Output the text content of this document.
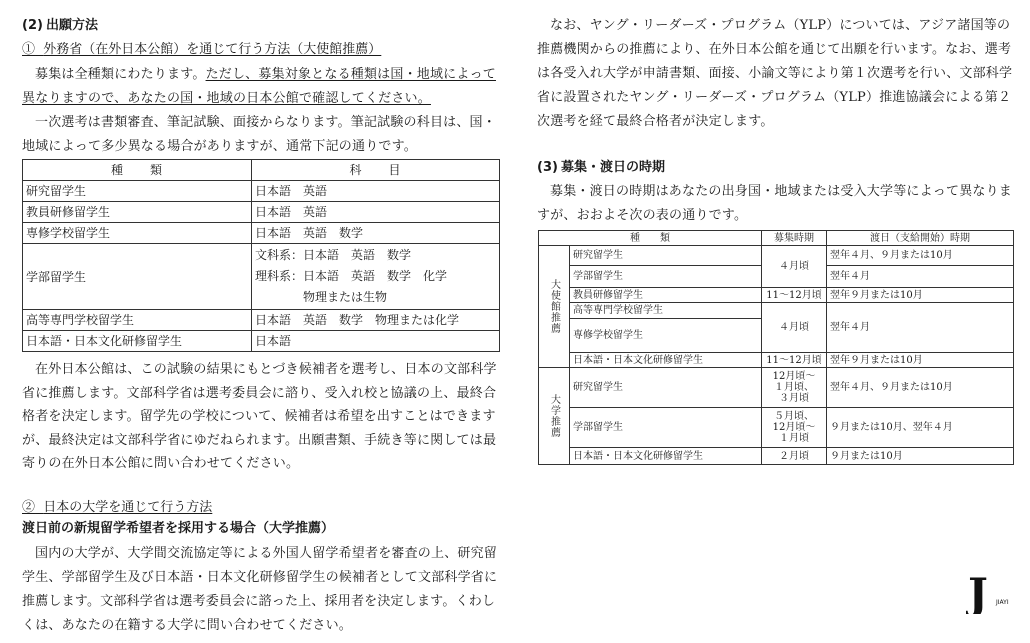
(2) 出願方法
① 外務省（在外日本公館）を通じて行う方法（大使館推薦）

募集は全種類にわたります。ただし、募集対象となる種類は国・地域によって異なりますので、あなたの国・地域の日本公館で確認してください。

一次選考は書類審査、筆記試験、面接からなります。筆記試験の科目は、国・地域によって多少異なる場合がありますが、通常下記の通りです。

種　　類	科　　目
研究留学生	日本語　英語
教員研修留学生	日本語　英語
専修学校留学生	日本語　英語　数学
学部留学生	文科系：日本語　英語　数学
理科系：日本語　英語　数学　化学
物理または生物

高等専門学校留学生	日本語　英語　数学　物理または化学
日本語・日本文化研修留学生	日本語

在外日本公館は、この試験の結果にもとづき候補者を選考し、日本の文部科学省に推薦します。文部科学省は選考委員会に諮り、受入れ校と協議の上、最終合格者を決定します。留学先の学校について、候補者は希望を出すことはできますが、最終決定は文部科学省にゆだねられます。出願書類、手続き等に関しては最寄りの在外日本公館に問い合わせてください。

② 日本の大学を通じて行う方法
渡日前の新規留学希望者を採用する場合（大学推薦）

国内の大学が、大学間交流協定等による外国人留学希望者を審査の上、研究留学生、学部留学生及び日本語・日本文化研修留学生の候補者として文部科学省に推薦します。文部科学省は選考委員会に諮った上、採用者を決定します。くわしくは、あなたの在籍する大学に問い合わせてください。

なお、ヤング・リーダーズ・プログラム（YLP）については、アジア諸国等の推薦機関からの推薦により、在外日本公館を通じて出願を行います。なお、選考は各受入れ大学が申請書類、面接、小論文等により第１次選考を行い、文部科学省に設置されたヤング・リーダーズ・プログラム（YLP）推進協議会による第２次選考を経て最終合格者が決定します。

(3) 募集・渡日の時期

募集・渡日の時期はあなたの出身国・地域または受入大学等によって異なりますが、おおよそ次の表の通りです。

種　　類		募集時期	渡日（支給開始）時期
大使館推薦	研究留学生	４月頃	翌年４月、９月または10月
	学部留学生		翌年４月
	教員研修留学生	11～12月頃	翌年９月または10月
	高等専門学校留学生	４月頃	翌年４月
	専修学校留学生		
	日本語・日本文化研修留学生	11～12月頃	翌年９月または10月
大学推薦	研究留学生	12月頃～
１月頃、
３月頃	翌年４月、９月または10月
	学部留学生	５月頃、
12月頃～
１月頃	９月または10月、翌年４月
	日本語・日本文化研修留学生	２月頃	９月または10月
J JIAYI
